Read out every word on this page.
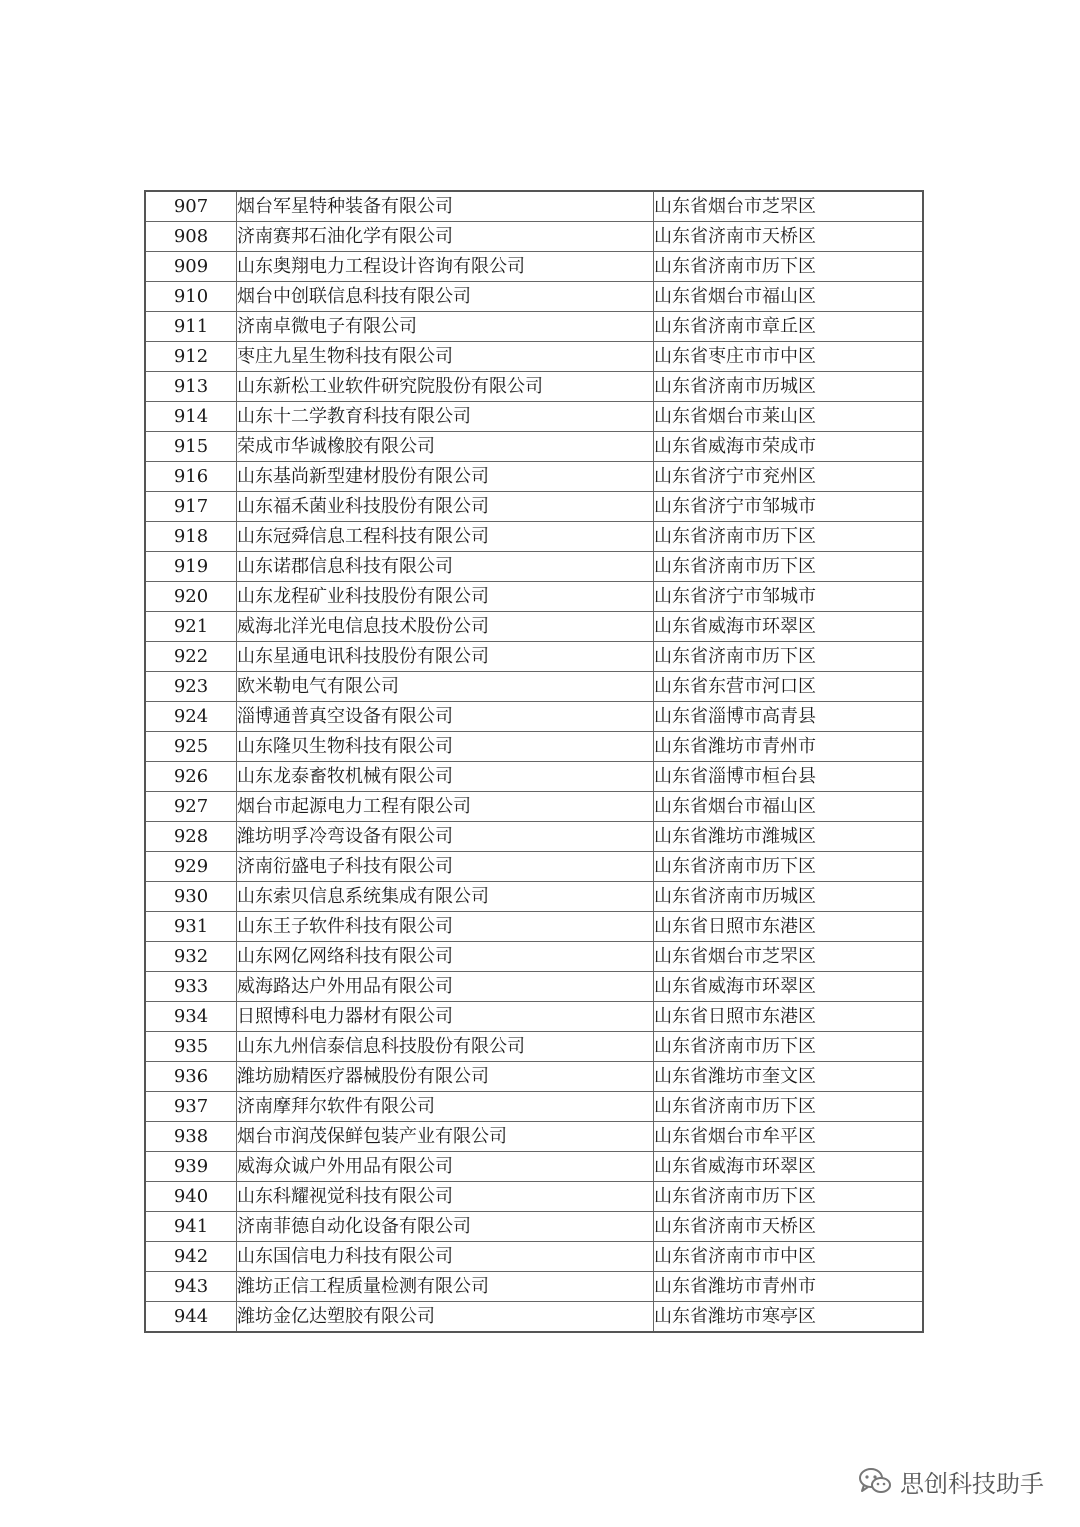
907	烟台军星特种装备有限公司	山东省烟台市芝罘区
908	济南赛邦石油化学有限公司	山东省济南市天桥区
909	山东奥翔电力工程设计咨询有限公司	山东省济南市历下区
910	烟台中创联信息科技有限公司	山东省烟台市福山区
911	济南卓微电子有限公司	山东省济南市章丘区
912	枣庄九星生物科技有限公司	山东省枣庄市市中区
913	山东新松工业软件研究院股份有限公司	山东省济南市历城区
914	山东十二学教育科技有限公司	山东省烟台市莱山区
915	荣成市华诚橡胶有限公司	山东省威海市荣成市
916	山东基尚新型建材股份有限公司	山东省济宁市兖州区
917	山东福禾菌业科技股份有限公司	山东省济宁市邹城市
918	山东冠舜信息工程科技有限公司	山东省济南市历下区
919	山东诺郡信息科技有限公司	山东省济南市历下区
920	山东龙程矿业科技股份有限公司	山东省济宁市邹城市
921	威海北洋光电信息技术股份公司	山东省威海市环翠区
922	山东星通电讯科技股份有限公司	山东省济南市历下区
923	欧米勒电气有限公司	山东省东营市河口区
924	淄博通普真空设备有限公司	山东省淄博市高青县
925	山东隆贝生物科技有限公司	山东省潍坊市青州市
926	山东龙泰畜牧机械有限公司	山东省淄博市桓台县
927	烟台市起源电力工程有限公司	山东省烟台市福山区
928	潍坊明孚冷弯设备有限公司	山东省潍坊市潍城区
929	济南衍盛电子科技有限公司	山东省济南市历下区
930	山东索贝信息系统集成有限公司	山东省济南市历城区
931	山东王子软件科技有限公司	山东省日照市东港区
932	山东网亿网络科技有限公司	山东省烟台市芝罘区
933	威海路达户外用品有限公司	山东省威海市环翠区
934	日照博科电力器材有限公司	山东省日照市东港区
935	山东九州信泰信息科技股份有限公司	山东省济南市历下区
936	潍坊励精医疗器械股份有限公司	山东省潍坊市奎文区
937	济南摩拜尔软件有限公司	山东省济南市历下区
938	烟台市润茂保鲜包装产业有限公司	山东省烟台市牟平区
939	威海众诚户外用品有限公司	山东省威海市环翠区
940	山东科耀视觉科技有限公司	山东省济南市历下区
941	济南菲德自动化设备有限公司	山东省济南市天桥区
942	山东国信电力科技有限公司	山东省济南市市中区
943	潍坊正信工程质量检测有限公司	山东省潍坊市青州市
944	潍坊金亿达塑胶有限公司	山东省潍坊市寒亭区
思创科技助手
